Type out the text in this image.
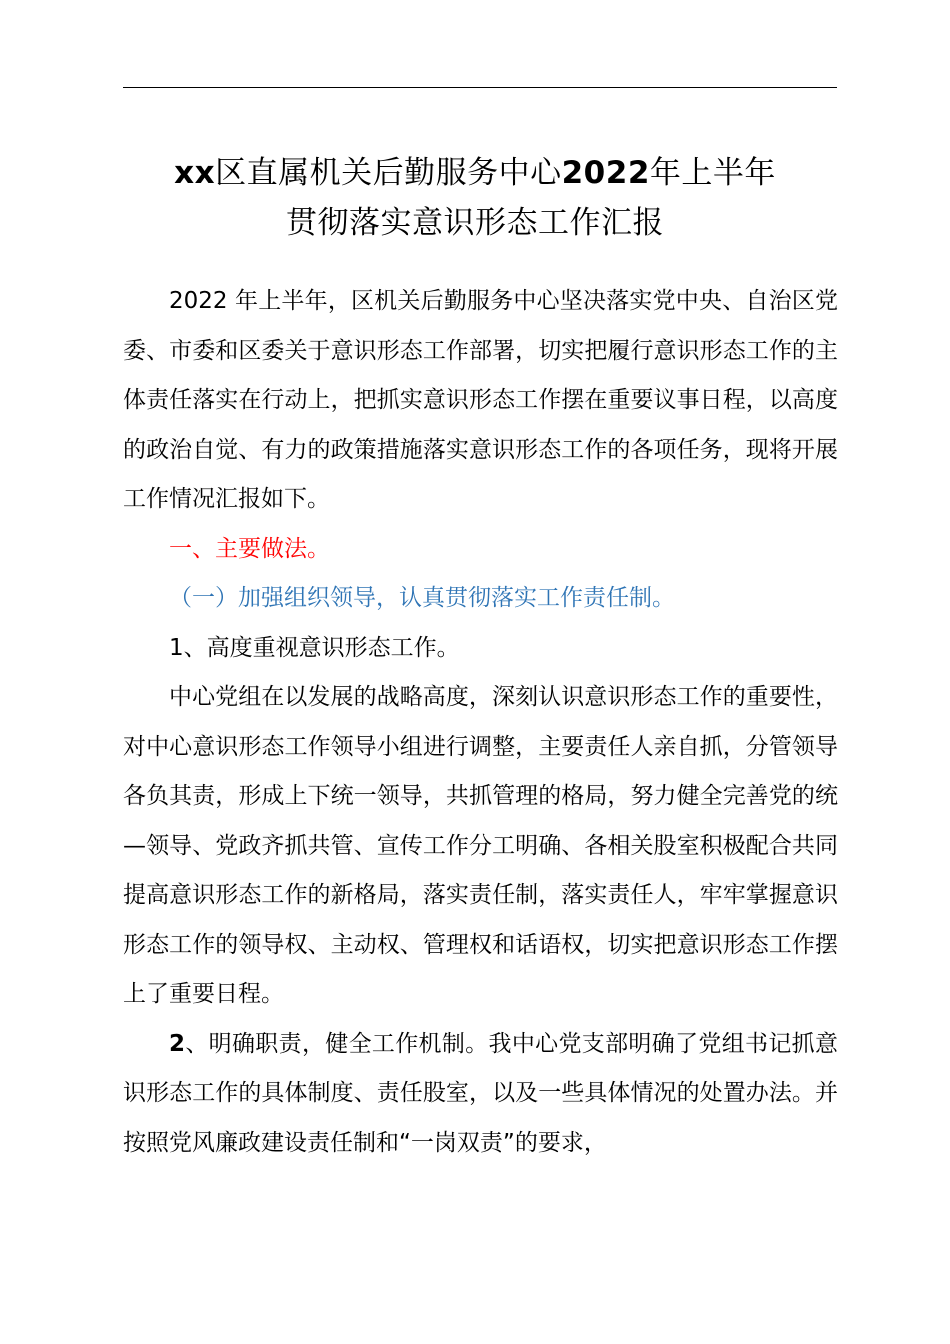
xx区直属机关后勤服务中心2022年上半年
贯彻落实意识形态工作汇报

2022 年上半年，区机关后勤服务中心坚决落实党中央、自治区党委、市委和区委关于意识形态工作部署，切实把履行意识形态工作的主体责任落实在行动上，把抓实意识形态工作摆在重要议事日程，以高度的政治自觉、有力的政策措施落实意识形态工作的各项任务，现将开展工作情况汇报如下。

一、主要做法。

（一）加强组织领导，认真贯彻落实工作责任制。

1、高度重视意识形态工作。

中心党组在以发展的战略高度，深刻认识意识形态工作的重要性，对中心意识形态工作领导小组进行调整，主要责任人亲自抓，分管领导各负其责，形成上下统一领导，共抓管理的格局，努力健全完善党的统—领导、党政齐抓共管、宣传工作分工明确、各相关股室积极配合共同提高意识形态工作的新格局，落实责任制，落实责任人，牢牢掌握意识形态工作的领导权、主动权、管理权和话语权，切实把意识形态工作摆上了重要日程。

2、明确职责，健全工作机制。我中心党支部明确了党组书记抓意识形态工作的具体制度、责任股室，以及一些具体情况的处置办法。并按照党风廉政建设责任制和“一岗双责”的要求，
